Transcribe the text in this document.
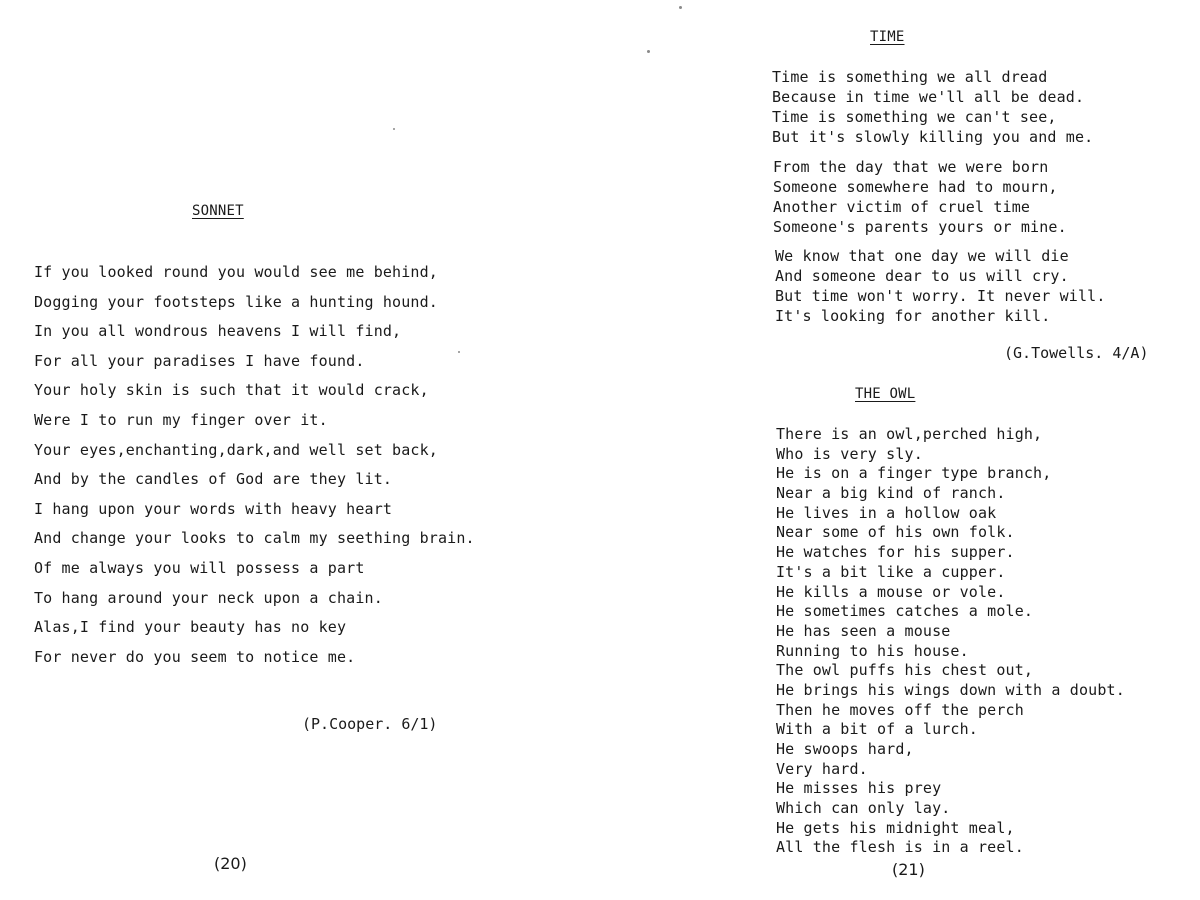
SONNET
If you looked round you would see me behind,
Dogging your footsteps like a hunting hound.
In you all wondrous heavens I will find,
For all your paradises I have found.
Your holy skin is such that it would crack,
Were I to run my finger over it.
Your eyes,enchanting,dark,and well set back,
And by the candles of God are they lit.
I hang upon your words with heavy heart
And change your looks to calm my seething brain.
Of me always you will possess a part
To hang around your neck upon a chain.
Alas,I find your beauty has no key
For never do you seem to notice me.
(P.Cooper. 6/1)
(20)
TIME
Time is something we all dread
Because in time we'll all be dead.
Time is something we can't see,
But it's slowly killing you and me.
From the day that we were born
Someone somewhere had to mourn,
Another victim of cruel time
Someone's parents yours or mine.
We know that one day we will die
And someone dear to us will cry.
But time won't worry. It never will.
It's looking for another kill.
(G.Towells. 4/A)
THE OWL
There is an owl,perched high,
Who is very sly.
He is on a finger type branch,
Near a big kind of ranch.
He lives in a hollow oak
Near some of his own folk.
He watches for his supper.
It's a bit like a cupper.
He kills a mouse or vole.
He sometimes catches a mole.
He has seen a mouse
Running to his house.
The owl puffs his chest out,
He brings his wings down with a doubt.
Then he moves off the perch
With a bit of a lurch.
He swoops hard,
Very hard.
He misses his prey
Which can only lay.
He gets his midnight meal,
All the flesh is in a reel.
(21)
